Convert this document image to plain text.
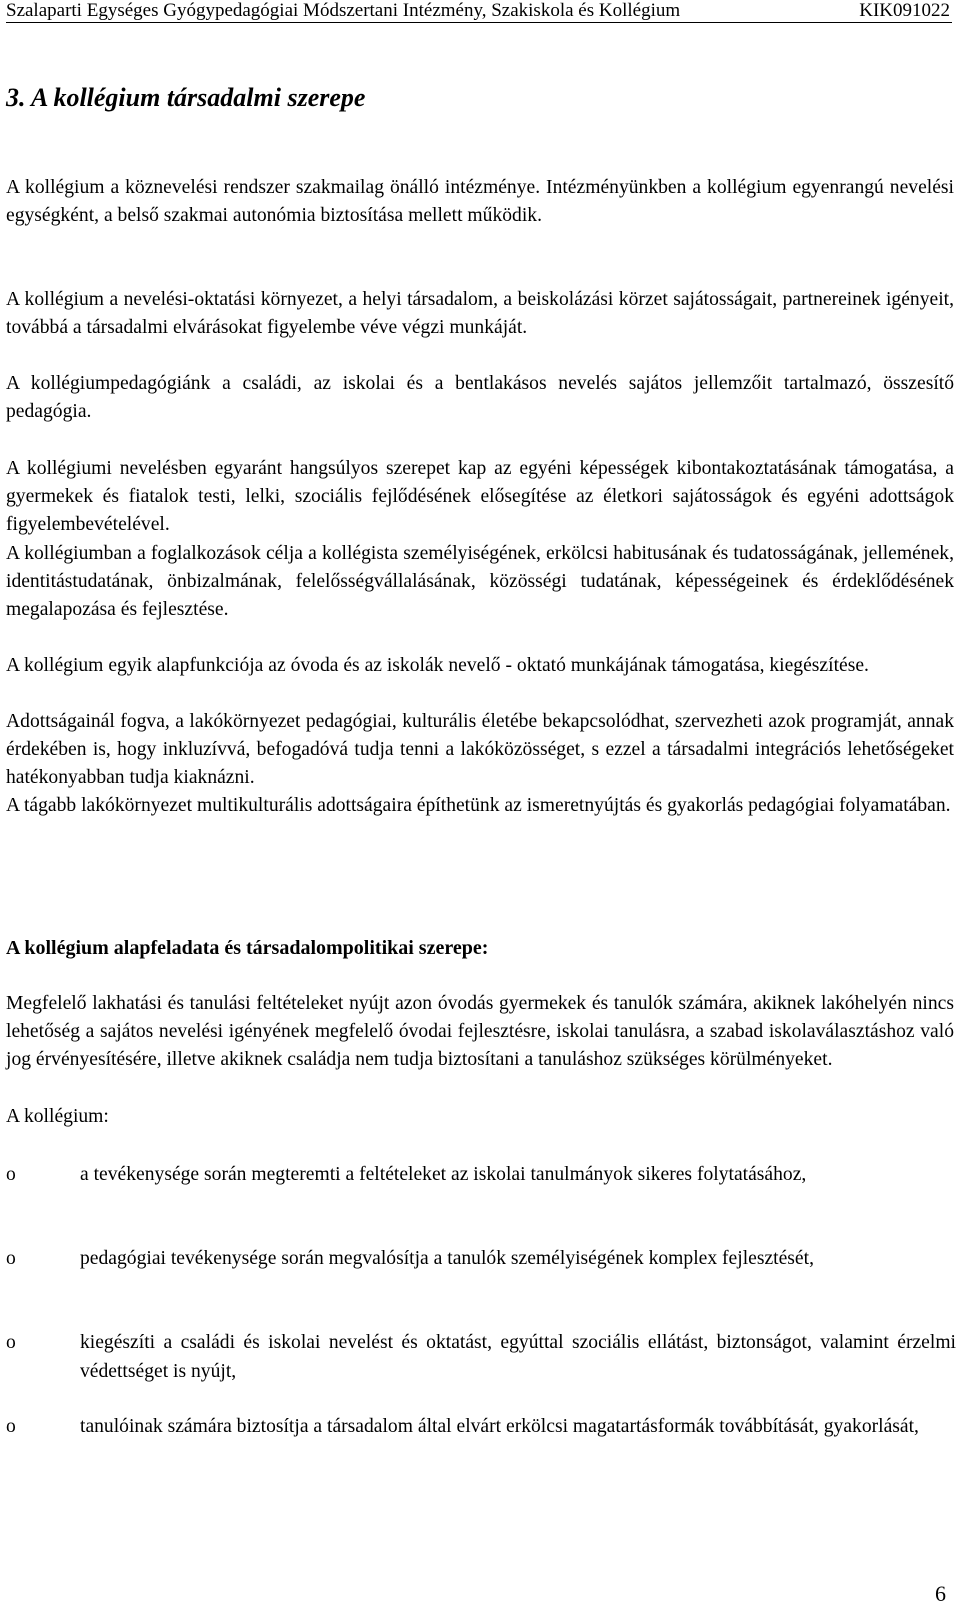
Szalaparti Egységes Gyógypedagógiai Módszertani Intézmény, Szakiskola és Kollégium	KIK091022
3. A kollégium társadalmi szerepe

A kollégium a köznevelési rendszer szakmailag önálló intézménye. Intézményünkben a kollégium egyenrangú nevelési egységként, a belső szakmai autonómia biztosítása mellett működik.

A kollégium a nevelési-oktatási környezet, a helyi társadalom, a beiskolázási körzet sajátosságait, partnereinek igényeit, továbbá a társadalmi elvárásokat figyelembe véve végzi munkáját.

A kollégiumpedagógiánk a családi, az iskolai és a bentlakásos nevelés sajátos jellemzőit tartalmazó, összesítő pedagógia.

A kollégiumi nevelésben egyaránt hangsúlyos szerepet kap az egyéni képességek kibontakoztatásának támogatása, a gyermekek és fiatalok testi, lelki, szociális fejlődésének elősegítése az életkori sajátosságok és egyéni adottságok figyelembevételével.

A kollégiumban a foglalkozások célja a kollégista személyiségének, erkölcsi habitusának és tudatosságának, jellemének, identitástudatának, önbizalmának, felelősségvállalásának, közösségi tudatának, képességeinek és érdeklődésének megalapozása és fejlesztése.

A kollégium egyik alapfunkciója az óvoda és az iskolák nevelő - oktató munkájának támogatása, kiegészítése.

Adottságainál fogva, a lakókörnyezet pedagógiai, kulturális életébe bekapcsolódhat, szervezheti azok programját, annak érdekében is, hogy inkluzívvá, befogadóvá tudja tenni a lakóközösséget, s ezzel a társadalmi integrációs lehetőségeket hatékonyabban tudja kiaknázni.

A tágabb lakókörnyezet multikulturális adottságaira építhetünk az ismeretnyújtás és gyakorlás pedagógiai folyamatában.

A kollégium alapfeladata és társadalompolitikai szerepe:

Megfelelő lakhatási és tanulási feltételeket nyújt azon óvodás gyermekek és tanulók számára, akiknek lakóhelyén nincs lehetőség a sajátos nevelési igényének megfelelő óvodai fejlesztésre, iskolai tanulásra, a szabad iskolaválasztáshoz való jog érvényesítésére, illetve akiknek családja nem tudja biztosítani a tanuláshoz szükséges körülményeket.

A kollégium:

o	a tevékenysége során megteremti a feltételeket az iskolai tanulmányok sikeres folytatásához,
o	pedagógiai tevékenysége során megvalósítja a tanulók személyiségének komplex fejlesztését,
o	kiegészíti a családi és iskolai nevelést és oktatást, egyúttal szociális ellátást, biztonságot, valamint érzelmi védettséget is nyújt,
o	tanulóinak számára biztosítja a társadalom által elvárt erkölcsi magatartásformák továbbítását, gyakorlását,
6
